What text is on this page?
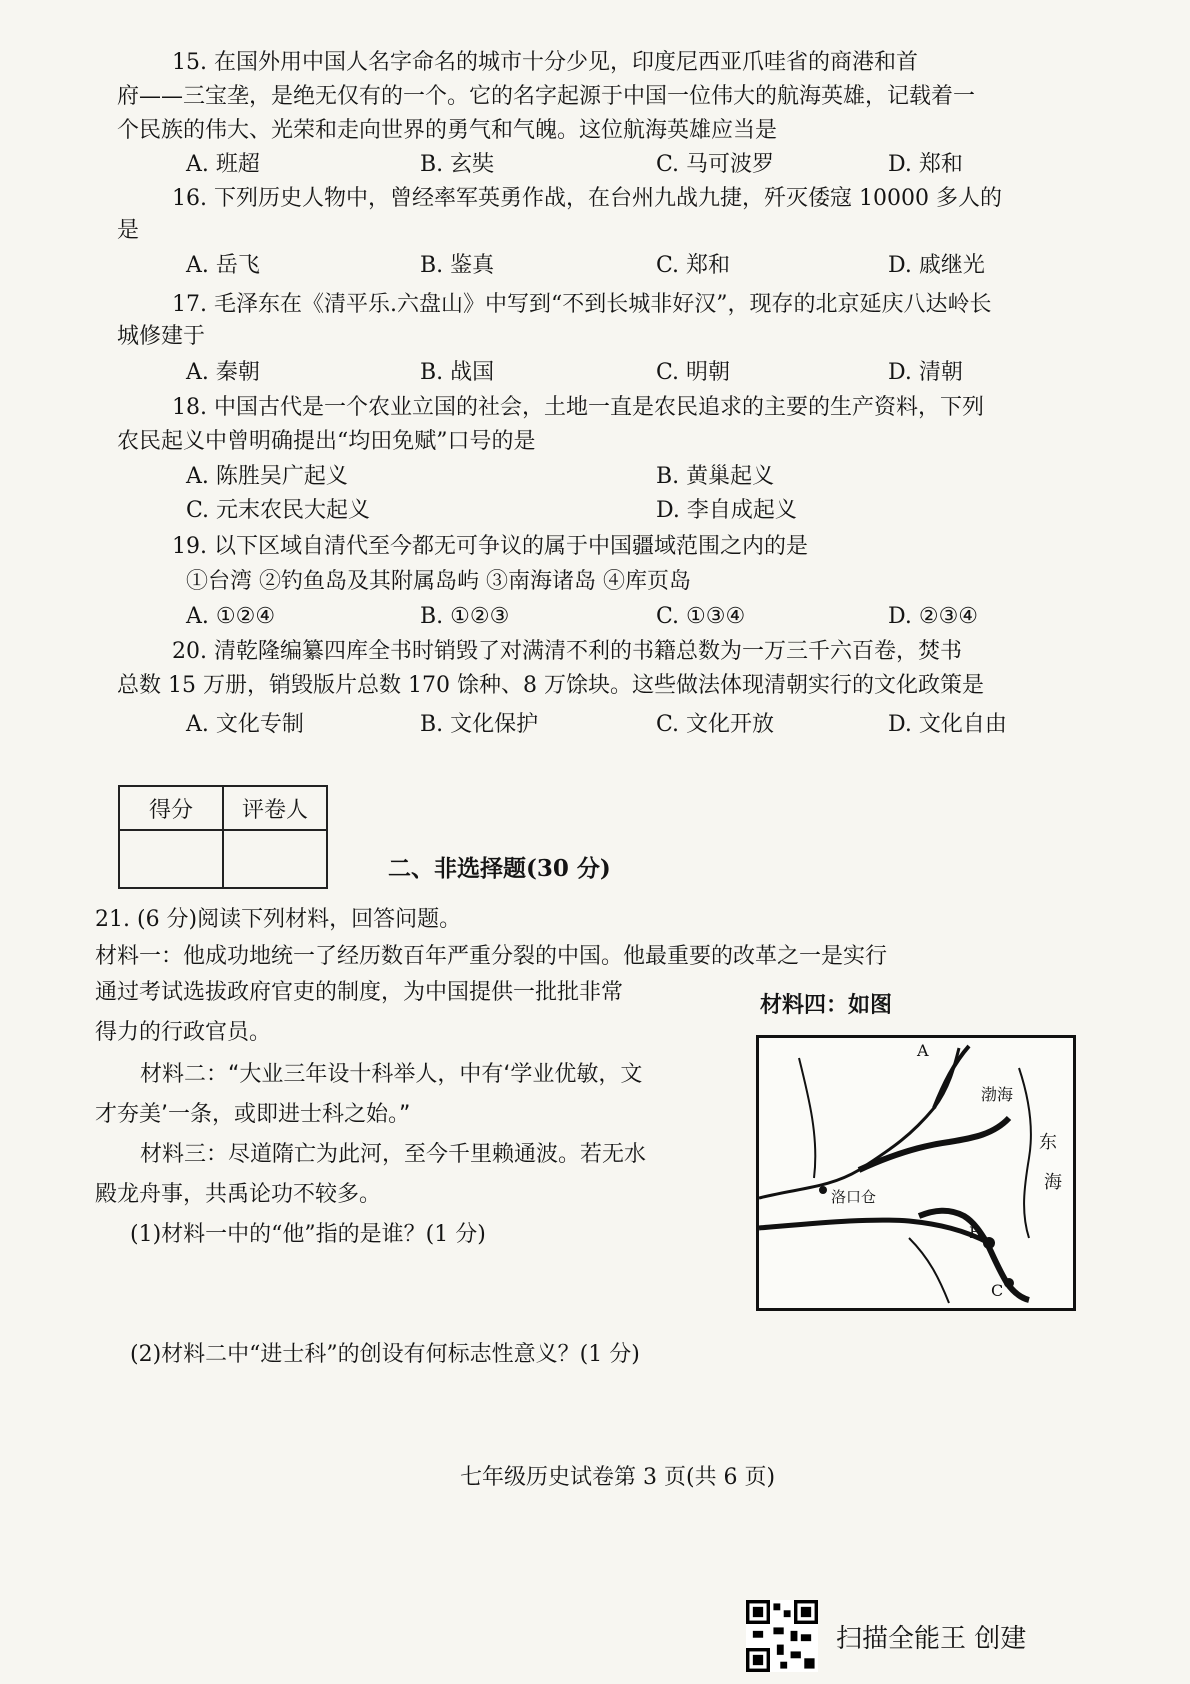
15. 在国外用中国人名字命名的城市十分少见，印度尼西亚爪哇省的商港和首
府——三宝垄，是绝无仅有的一个。它的名字起源于中国一位伟大的航海英雄，记载着一
个民族的伟大、光荣和走向世界的勇气和气魄。这位航海英雄应当是
A. 班超	B. 玄奘	C. 马可波罗	D. 郑和
16. 下列历史人物中，曾经率军英勇作战，在台州九战九捷，歼灭倭寇 10000 多人的
是
A. 岳飞	B. 鉴真	C. 郑和	D. 戚继光
17. 毛泽东在《清平乐.六盘山》中写到“不到长城非好汉”，现存的北京延庆八达岭长
城修建于
A. 秦朝	B. 战国	C. 明朝	D. 清朝
18. 中国古代是一个农业立国的社会，土地一直是农民追求的主要的生产资料，下列
农民起义中曾明确提出“均田免赋”口号的是
A. 陈胜吴广起义	B. 黄巢起义
C. 元末农民大起义	D. 李自成起义
19. 以下区域自清代至今都无可争议的属于中国疆域范围之内的是
①台湾 ②钓鱼岛及其附属岛屿 ③南海诸岛 ④库页岛
A. ①②④	B. ①②③	C. ①③④	D. ②③④
20. 清乾隆编纂四库全书时销毁了对满清不利的书籍总数为一万三千六百卷，焚书
总数 15 万册，销毁版片总数 170 馀种、8 万馀块。这些做法体现清朝实行的文化政策是
A. 文化专制	B. 文化保护	C. 文化开放	D. 文化自由
得分	评卷人

二、非选择题(30 分)
21. (6 分)阅读下列材料，回答问题。
材料一：他成功地统一了经历数百年严重分裂的中国。他最重要的改革之一是实行
通过考试选拔政府官吏的制度，为中国提供一批批非常
得力的行政官员。
材料四：如图
材料二：“大业三年设十科举人，中有‘学业优敏，文
才夯美’一条，或即进士科之始。”
材料三：尽道隋亡为此河，至今千里赖通波。若无水
殿龙舟事，共禹论功不较多。
(1)材料一中的“他”指的是谁？(1 分)
(2)材料二中“进士科”的创设有何标志性意义？(1 分)
A
渤海
东
海
洛口仓
B
C
七年级历史试卷第 3 页(共 6 页)
扫描全能王 创建
